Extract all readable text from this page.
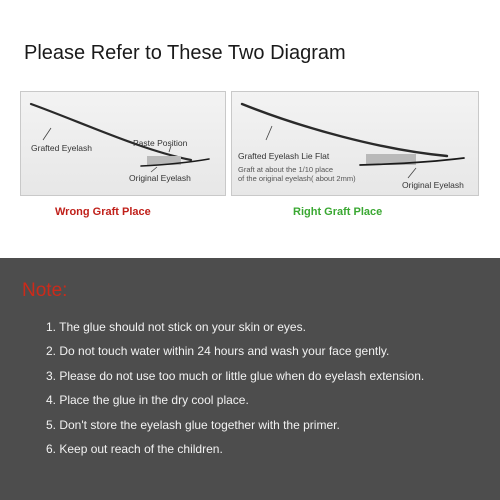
Please Refer to These Two Diagram
Grafted Eyelash	Paste Position
Original Eyelash
Grafted Eyelash Lie Flat
Graft at about the 1/10 place
of the original eyelash( about 2mm)
Original Eyelash
Wrong Graft Place	Right Graft Place
Note:
1. The glue should not stick on your skin or eyes.
2. Do not touch water within 24 hours and wash your face gently.
3. Please do not use too much or little glue when do eyelash extension.
4. Place the glue in the dry cool place.
5. Don't store the eyelash glue together with the primer.
6. Keep out reach of the children.
